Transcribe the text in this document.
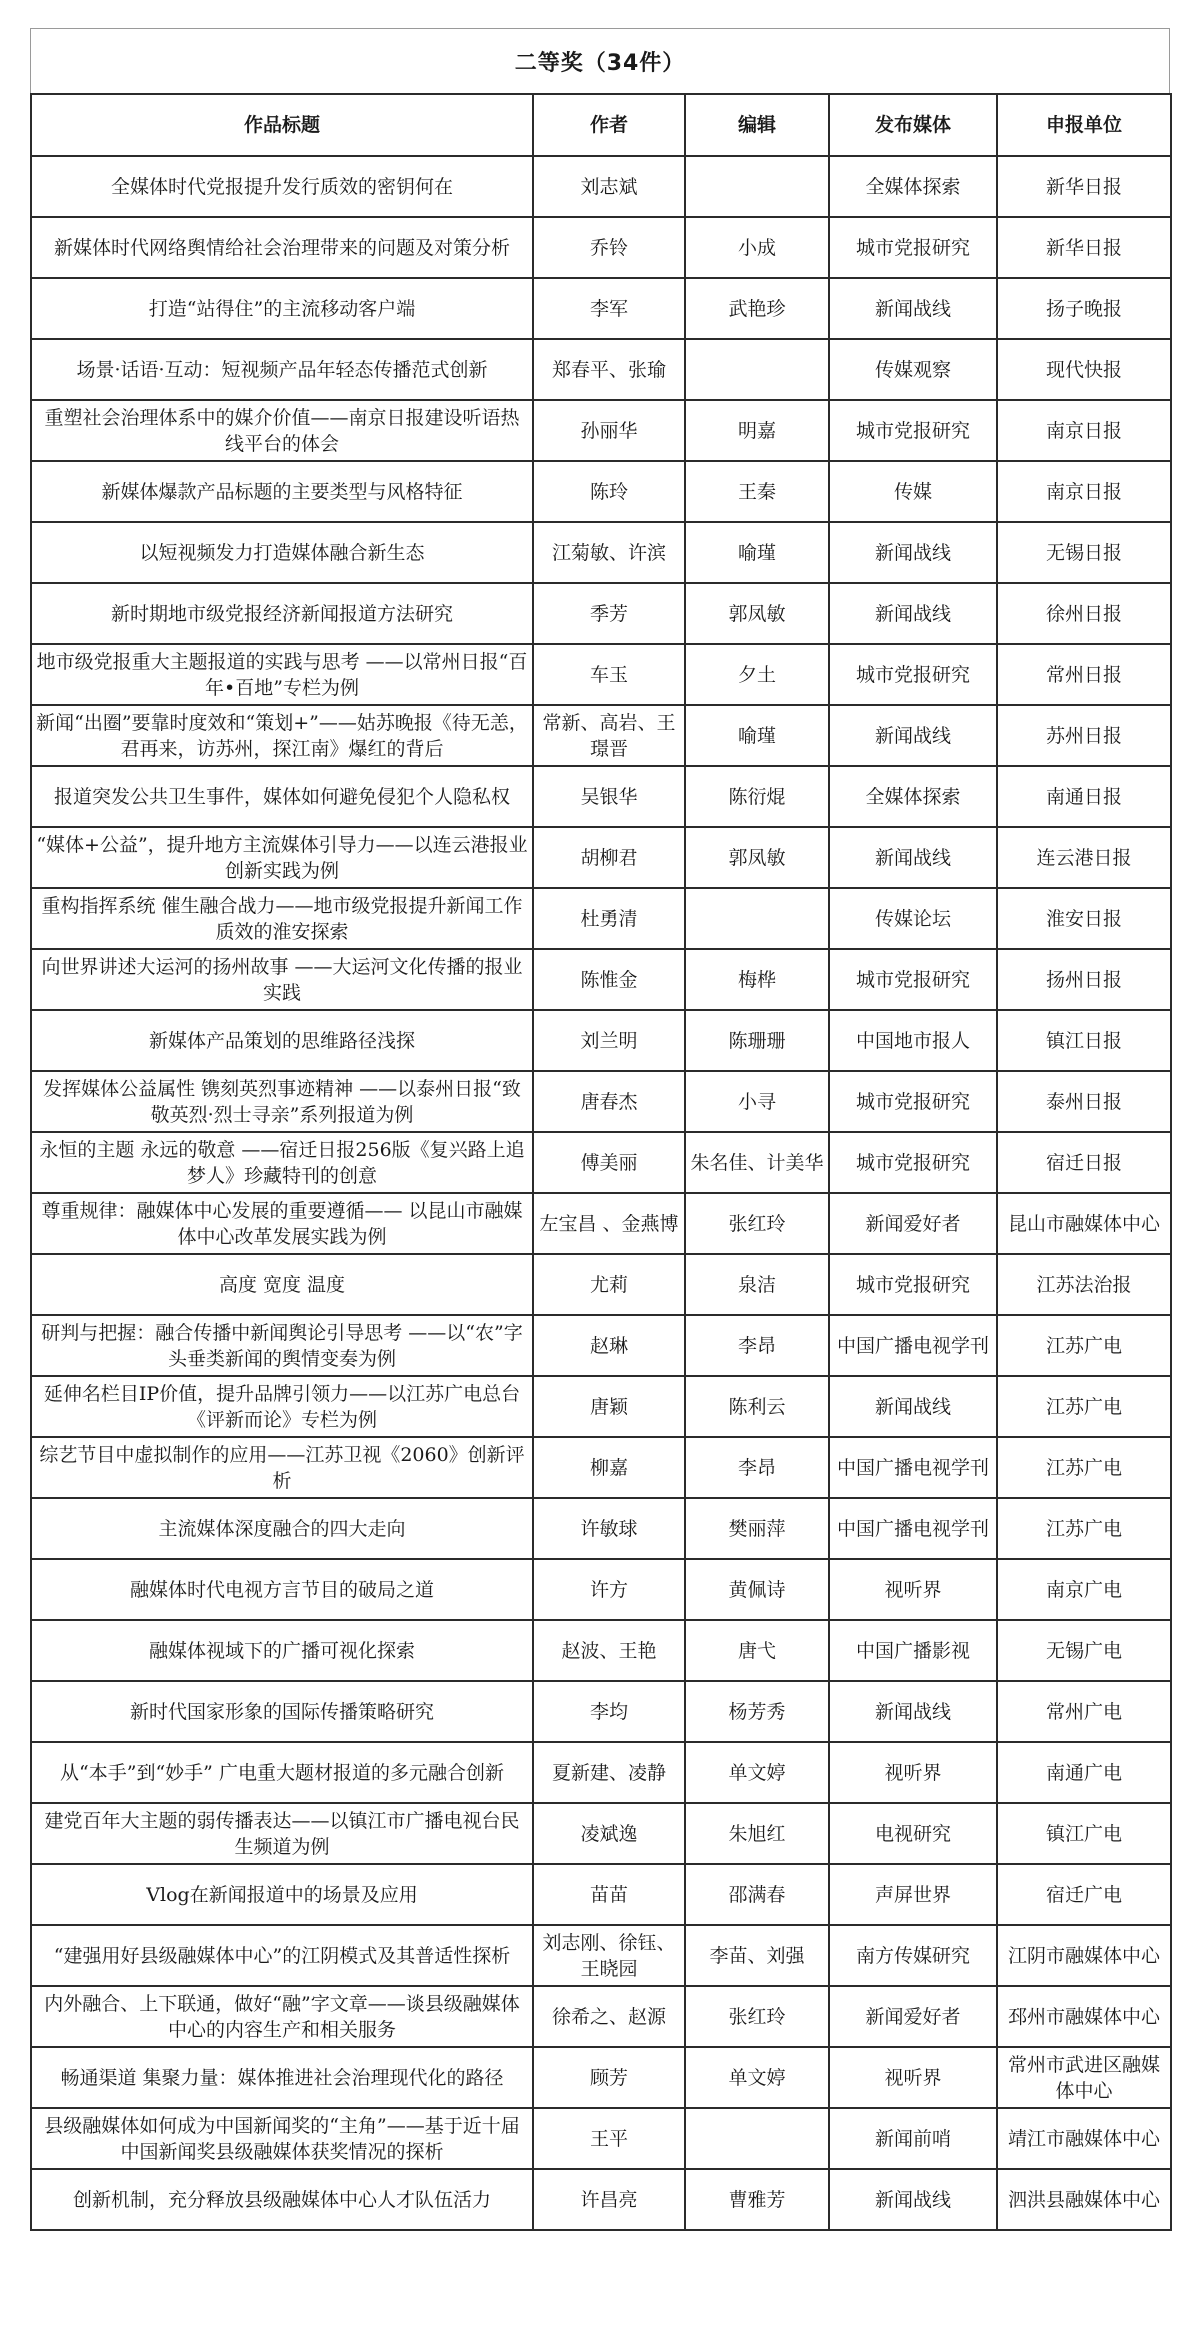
二等奖（34件）
作品标题	作者	编辑	发布媒体	申报单位
全媒体时代党报提升发行质效的密钥何在	刘志斌		全媒体探索	新华日报
新媒体时代网络舆情给社会治理带来的问题及对策分析	乔铃	小成	城市党报研究	新华日报
打造“站得住”的主流移动客户端	李军	武艳珍	新闻战线	扬子晚报
场景·话语·互动：短视频产品年轻态传播范式创新	郑春平、张瑜		传媒观察	现代快报
重塑社会治理体系中的媒介价值——南京日报建设听语热线平台的体会	孙丽华	明嘉	城市党报研究	南京日报
新媒体爆款产品标题的主要类型与风格特征	陈玲	王秦	传媒	南京日报
以短视频发力打造媒体融合新生态	江菊敏、许滨	喻瑾	新闻战线	无锡日报
新时期地市级党报经济新闻报道方法研究	季芳	郭凤敏	新闻战线	徐州日报
地市级党报重大主题报道的实践与思考 ——以常州日报“百年•百地”专栏为例	车玉	夕土	城市党报研究	常州日报
新闻“出圈”要靠时度效和“策划+”——姑苏晚报《待无恙，君再来，访苏州，探江南》爆红的背后	常新、高岩、王璟晋	喻瑾	新闻战线	苏州日报
报道突发公共卫生事件，媒体如何避免侵犯个人隐私权	吴银华	陈衍焜	全媒体探索	南通日报
“媒体+公益”，提升地方主流媒体引导力——以连云港报业创新实践为例	胡柳君	郭凤敏	新闻战线	连云港日报
重构指挥系统 催生融合战力——地市级党报提升新闻工作质效的淮安探索	杜勇清		传媒论坛	淮安日报
向世界讲述大运河的扬州故事 ——大运河文化传播的报业实践	陈惟金	梅桦	城市党报研究	扬州日报
新媒体产品策划的思维路径浅探	刘兰明	陈珊珊	中国地市报人	镇江日报
发挥媒体公益属性 镌刻英烈事迹精神 ——以泰州日报“致敬英烈·烈士寻亲”系列报道为例	唐春杰	小寻	城市党报研究	泰州日报
永恒的主题 永远的敬意 ——宿迁日报256版《复兴路上追梦人》珍藏特刊的创意	傅美丽	朱名佳、计美华	城市党报研究	宿迁日报
尊重规律：融媒体中心发展的重要遵循—— 以昆山市融媒体中心改革发展实践为例	左宝昌 、金燕博	张红玲	新闻爱好者	昆山市融媒体中心
高度 宽度 温度	尤莉	泉洁	城市党报研究	江苏法治报
研判与把握：融合传播中新闻舆论引导思考 ——以“农”字头垂类新闻的舆情变奏为例	赵琳	李昂	中国广播电视学刊	江苏广电
延伸名栏目IP价值，提升品牌引领力——以江苏广电总台《评新而论》专栏为例	唐颖	陈利云	新闻战线	江苏广电
综艺节目中虚拟制作的应用——江苏卫视《2060》创新评析	柳嘉	李昂	中国广播电视学刊	江苏广电
主流媒体深度融合的四大走向	许敏球	樊丽萍	中国广播电视学刊	江苏广电
融媒体时代电视方言节目的破局之道	许方	黄佩诗	视听界	南京广电
融媒体视域下的广播可视化探索	赵波、王艳	唐弋	中国广播影视	无锡广电
新时代国家形象的国际传播策略研究	李均	杨芳秀	新闻战线	常州广电
从“本手”到“妙手” 广电重大题材报道的多元融合创新	夏新建、凌静	单文婷	视听界	南通广电
建党百年大主题的弱传播表达——以镇江市广播电视台民生频道为例	凌斌逸	朱旭红	电视研究	镇江广电
Vlog在新闻报道中的场景及应用	苗苗	邵满春	声屏世界	宿迁广电
“建强用好县级融媒体中心”的江阴模式及其普适性探析	刘志刚、徐钰、王晓园	李苗、刘强	南方传媒研究	江阴市融媒体中心
内外融合、上下联通，做好“融”字文章——谈县级融媒体中心的内容生产和相关服务	徐希之、赵源	张红玲	新闻爱好者	邳州市融媒体中心
畅通渠道 集聚力量：媒体推进社会治理现代化的路径	顾芳	单文婷	视听界	常州市武进区融媒体中心
县级融媒体如何成为中国新闻奖的“主角”——基于近十届中国新闻奖县级融媒体获奖情况的探析	王平		新闻前哨	靖江市融媒体中心
创新机制，充分释放县级融媒体中心人才队伍活力	许昌亮	曹雅芳	新闻战线	泗洪县融媒体中心
